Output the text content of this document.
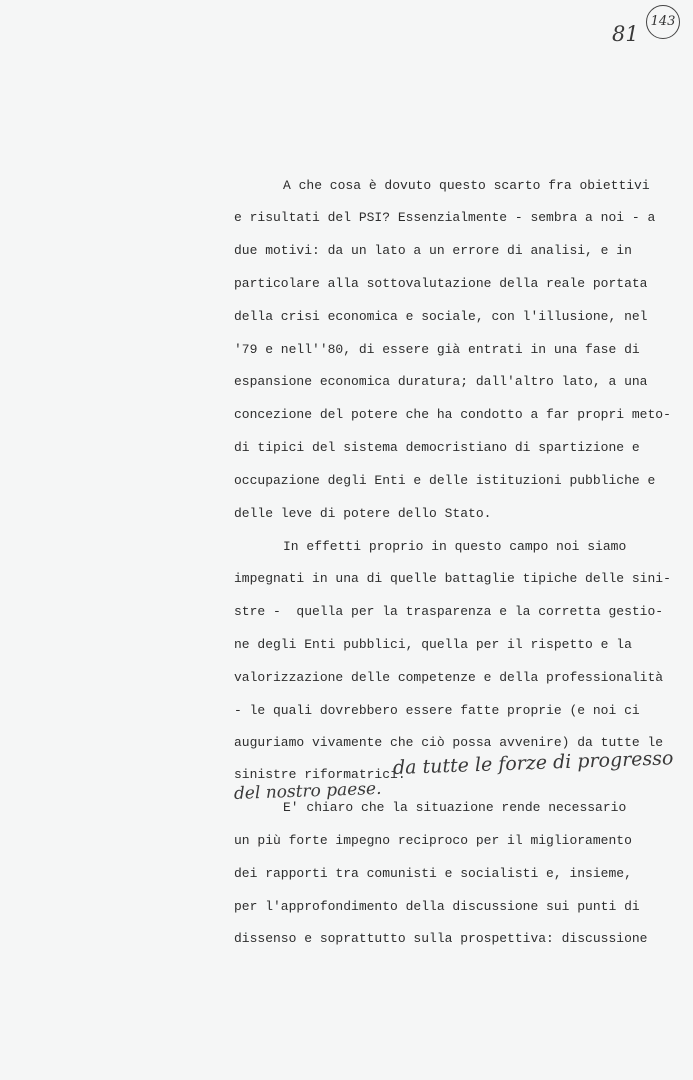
81
143
A che cosa è dovuto questo scarto fra obiettivi
e risultati del PSI? Essenzialmente - sembra a noi - a
due motivi: da un lato a un errore di analisi, e in
particolare alla sottovalutazione della reale portata
della crisi economica e sociale, con l'illusione, nel
'79 e nell''80, di essere già entrati in una fase di
espansione economica duratura; dall'altro lato, a una
concezione del potere che ha condotto a far propri meto-
di tipici del sistema democristiano di spartizione e
occupazione degli Enti e delle istituzioni pubbliche e
delle leve di potere dello Stato.
In effetti proprio in questo campo noi siamo
impegnati in una di quelle battaglie tipiche delle sini-
stre -  quella per la trasparenza e la corretta gestio-
ne degli Enti pubblici, quella per il rispetto e la
valorizzazione delle competenze e della professionalità
- le quali dovrebbero essere fatte proprie (e noi ci
auguriamo vivamente che ciò possa avvenire) da tutte le
sinistre riformatrici.
da tutte le forze di progresso
del nostro paese.
E' chiaro che la situazione rende necessario
un più forte impegno reciproco per il miglioramento
dei rapporti tra comunisti e socialisti e, insieme,
per l'approfondimento della discussione sui punti di
dissenso e soprattutto sulla prospettiva: discussione
